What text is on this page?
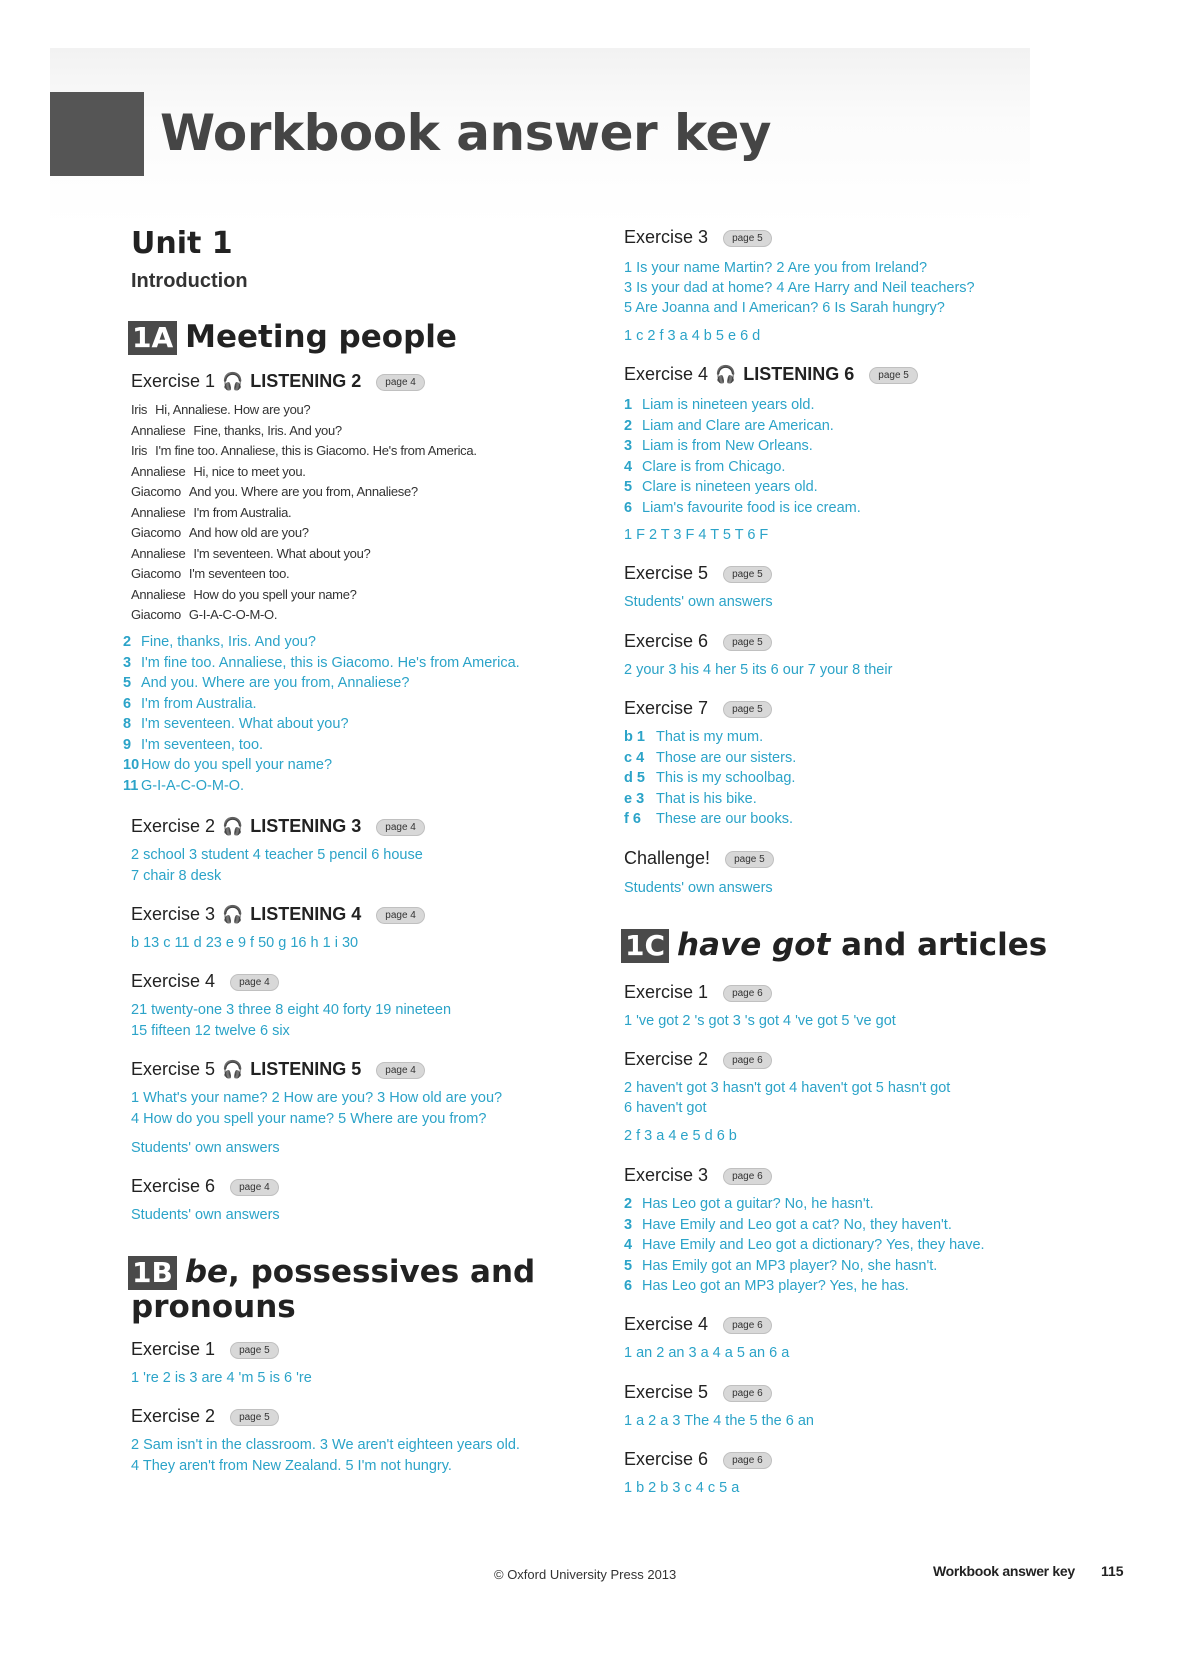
Workbook answer key
Unit 1
Introduction
1A Meeting people
Exercise 1 🎧 LISTENING 2 page 4
Iris Hi, Annaliese. How are you?
Annaliese Fine, thanks, Iris. And you?
Iris I'm fine too. Annaliese, this is Giacomo. He's from America.
Annaliese Hi, nice to meet you.
Giacomo And you. Where are you from, Annaliese?
Annaliese I'm from Australia.
Giacomo And how old are you?
Annaliese I'm seventeen. What about you?
Giacomo I'm seventeen too.
Annaliese How do you spell your name?
Giacomo G-I-A-C-O-M-O.
2 Fine, thanks, Iris. And you?
3 I'm fine too. Annaliese, this is Giacomo. He's from America.
5 And you. Where are you from, Annaliese?
6 I'm from Australia.
8 I'm seventeen. What about you?
9 I'm seventeen, too.
10 How do you spell your name?
11 G-I-A-C-O-M-O.
Exercise 2 🎧 LISTENING 3 page 4
2 school 3 student 4 teacher 5 pencil 6 house
7 chair 8 desk
Exercise 3 🎧 LISTENING 4 page 4
b 13 c 11 d 23 e 9 f 50 g 16 h 1 i 30
Exercise 4 page 4
21 twenty-one 3 three 8 eight 40 forty 19 nineteen
15 fifteen 12 twelve 6 six
Exercise 5 🎧 LISTENING 5 page 4
1 What's your name? 2 How are you? 3 How old are you?
4 How do you spell your name? 5 Where are you from?
Students' own answers
Exercise 6 page 4
Students' own answers
1B be, possessives and
pronouns
Exercise 1 page 5
1 're 2 is 3 are 4 'm 5 is 6 're
Exercise 2 page 5
2 Sam isn't in the classroom. 3 We aren't eighteen years old.
4 They aren't from New Zealand. 5 I'm not hungry.
Exercise 3 page 5
1 Is your name Martin? 2 Are you from Ireland?
3 Is your dad at home? 4 Are Harry and Neil teachers?
5 Are Joanna and I American? 6 Is Sarah hungry?
1 c 2 f 3 a 4 b 5 e 6 d
Exercise 4 🎧 LISTENING 6 page 5
1 Liam is nineteen years old.
2 Liam and Clare are American.
3 Liam is from New Orleans.
4 Clare is from Chicago.
5 Clare is nineteen years old.
6 Liam's favourite food is ice cream.
1 F 2 T 3 F 4 T 5 T 6 F
Exercise 5 page 5
Students' own answers
Exercise 6 page 5
2 your 3 his 4 her 5 its 6 our 7 your 8 their
Exercise 7 page 5
b 1 That is my mum.
c 4 Those are our sisters.
d 5 This is my schoolbag.
e 3 That is his bike.
f 6 These are our books.
Challenge! page 5
Students' own answers
1C have got and articles
Exercise 1 page 6
1 've got 2 's got 3 's got 4 've got 5 've got
Exercise 2 page 6
2 haven't got 3 hasn't got 4 haven't got 5 hasn't got
6 haven't got
2 f 3 a 4 e 5 d 6 b
Exercise 3 page 6
2 Has Leo got a guitar? No, he hasn't.
3 Have Emily and Leo got a cat? No, they haven't.
4 Have Emily and Leo got a dictionary? Yes, they have.
5 Has Emily got an MP3 player? No, she hasn't.
6 Has Leo got an MP3 player? Yes, he has.
Exercise 4 page 6
1 an 2 an 3 a 4 a 5 an 6 a
Exercise 5 page 6
1 a 2 a 3 The 4 the 5 the 6 an
Exercise 6 page 6
1 b 2 b 3 c 4 c 5 a
© Oxford University Press 2013	Workbook answer key 115
